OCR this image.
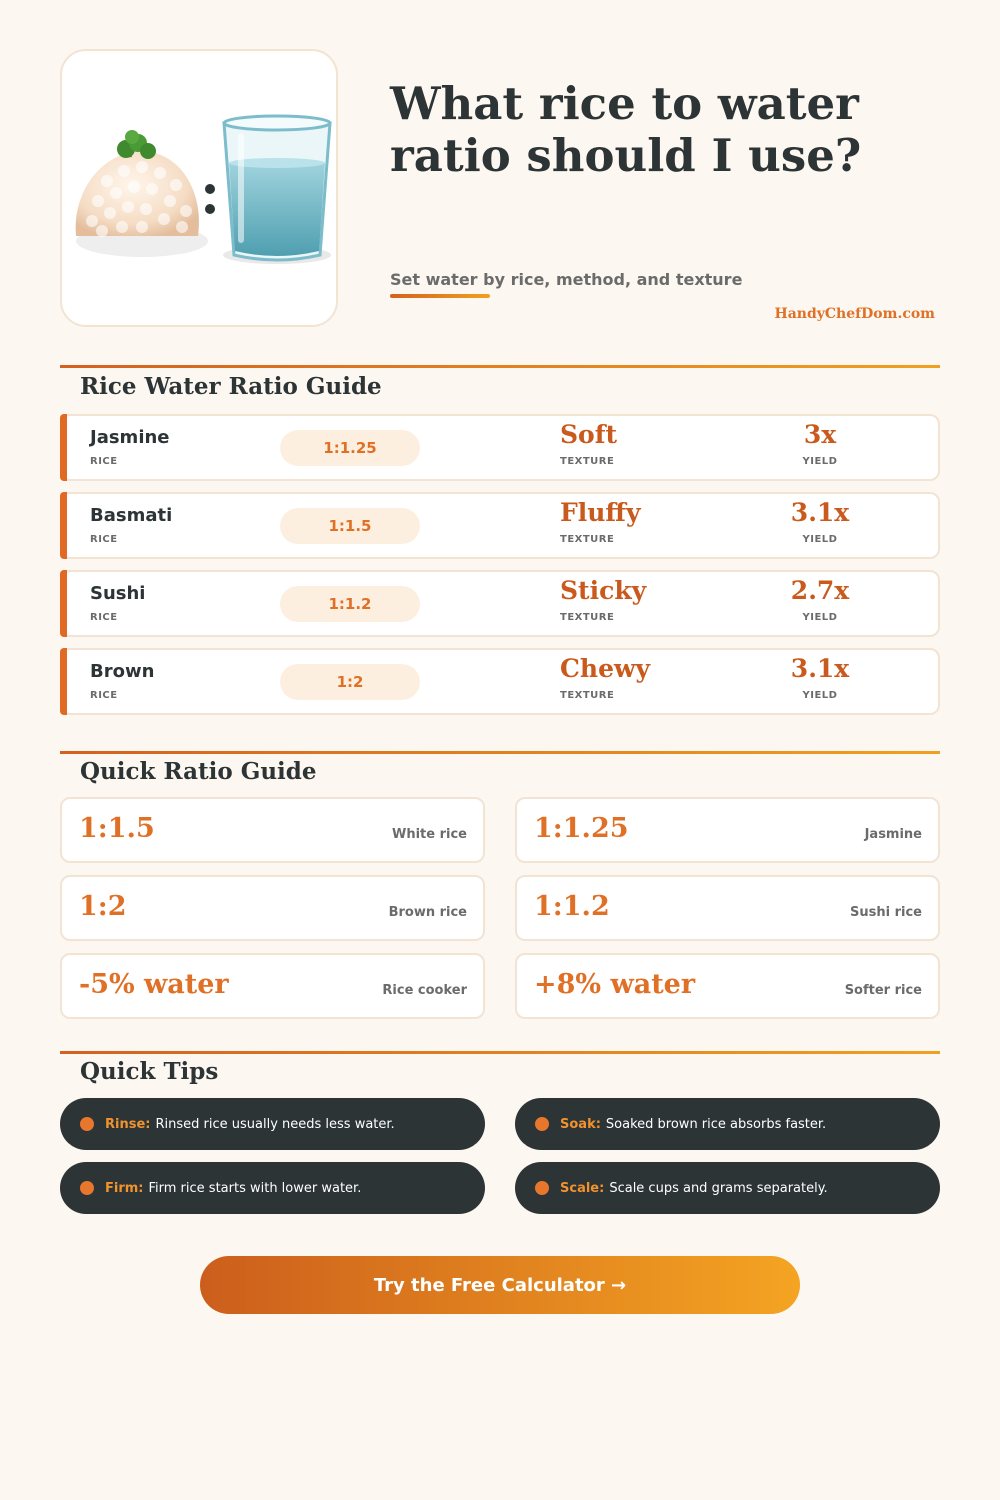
What rice to water ratio should I use?
Set water by rice, method, and texture
HandyChefDom.com
Rice Water Ratio Guide
Jasmine
RICE
1:1.25	Soft
TEXTURE
3x
YIELD
Basmati
RICE
1:1.5	Fluffy
TEXTURE
3.1x
YIELD
Sushi
RICE
1:1.2	Sticky
TEXTURE
2.7x
YIELD
Brown
RICE
1:2	Chewy
TEXTURE
3.1x
YIELD
Quick Ratio Guide
1:1.5	White rice 1:1.25	Jasmine
1:2	Brown rice 1:1.2	Sushi rice
-5% water	Rice cooker +8% water	Softer rice
Quick Tips
Rinse: Rinsed rice usually needs less water.	Soak: Soaked brown rice absorbs faster.
Firm: Firm rice starts with lower water.	Scale: Scale cups and grams separately.
Try the Free Calculator →
